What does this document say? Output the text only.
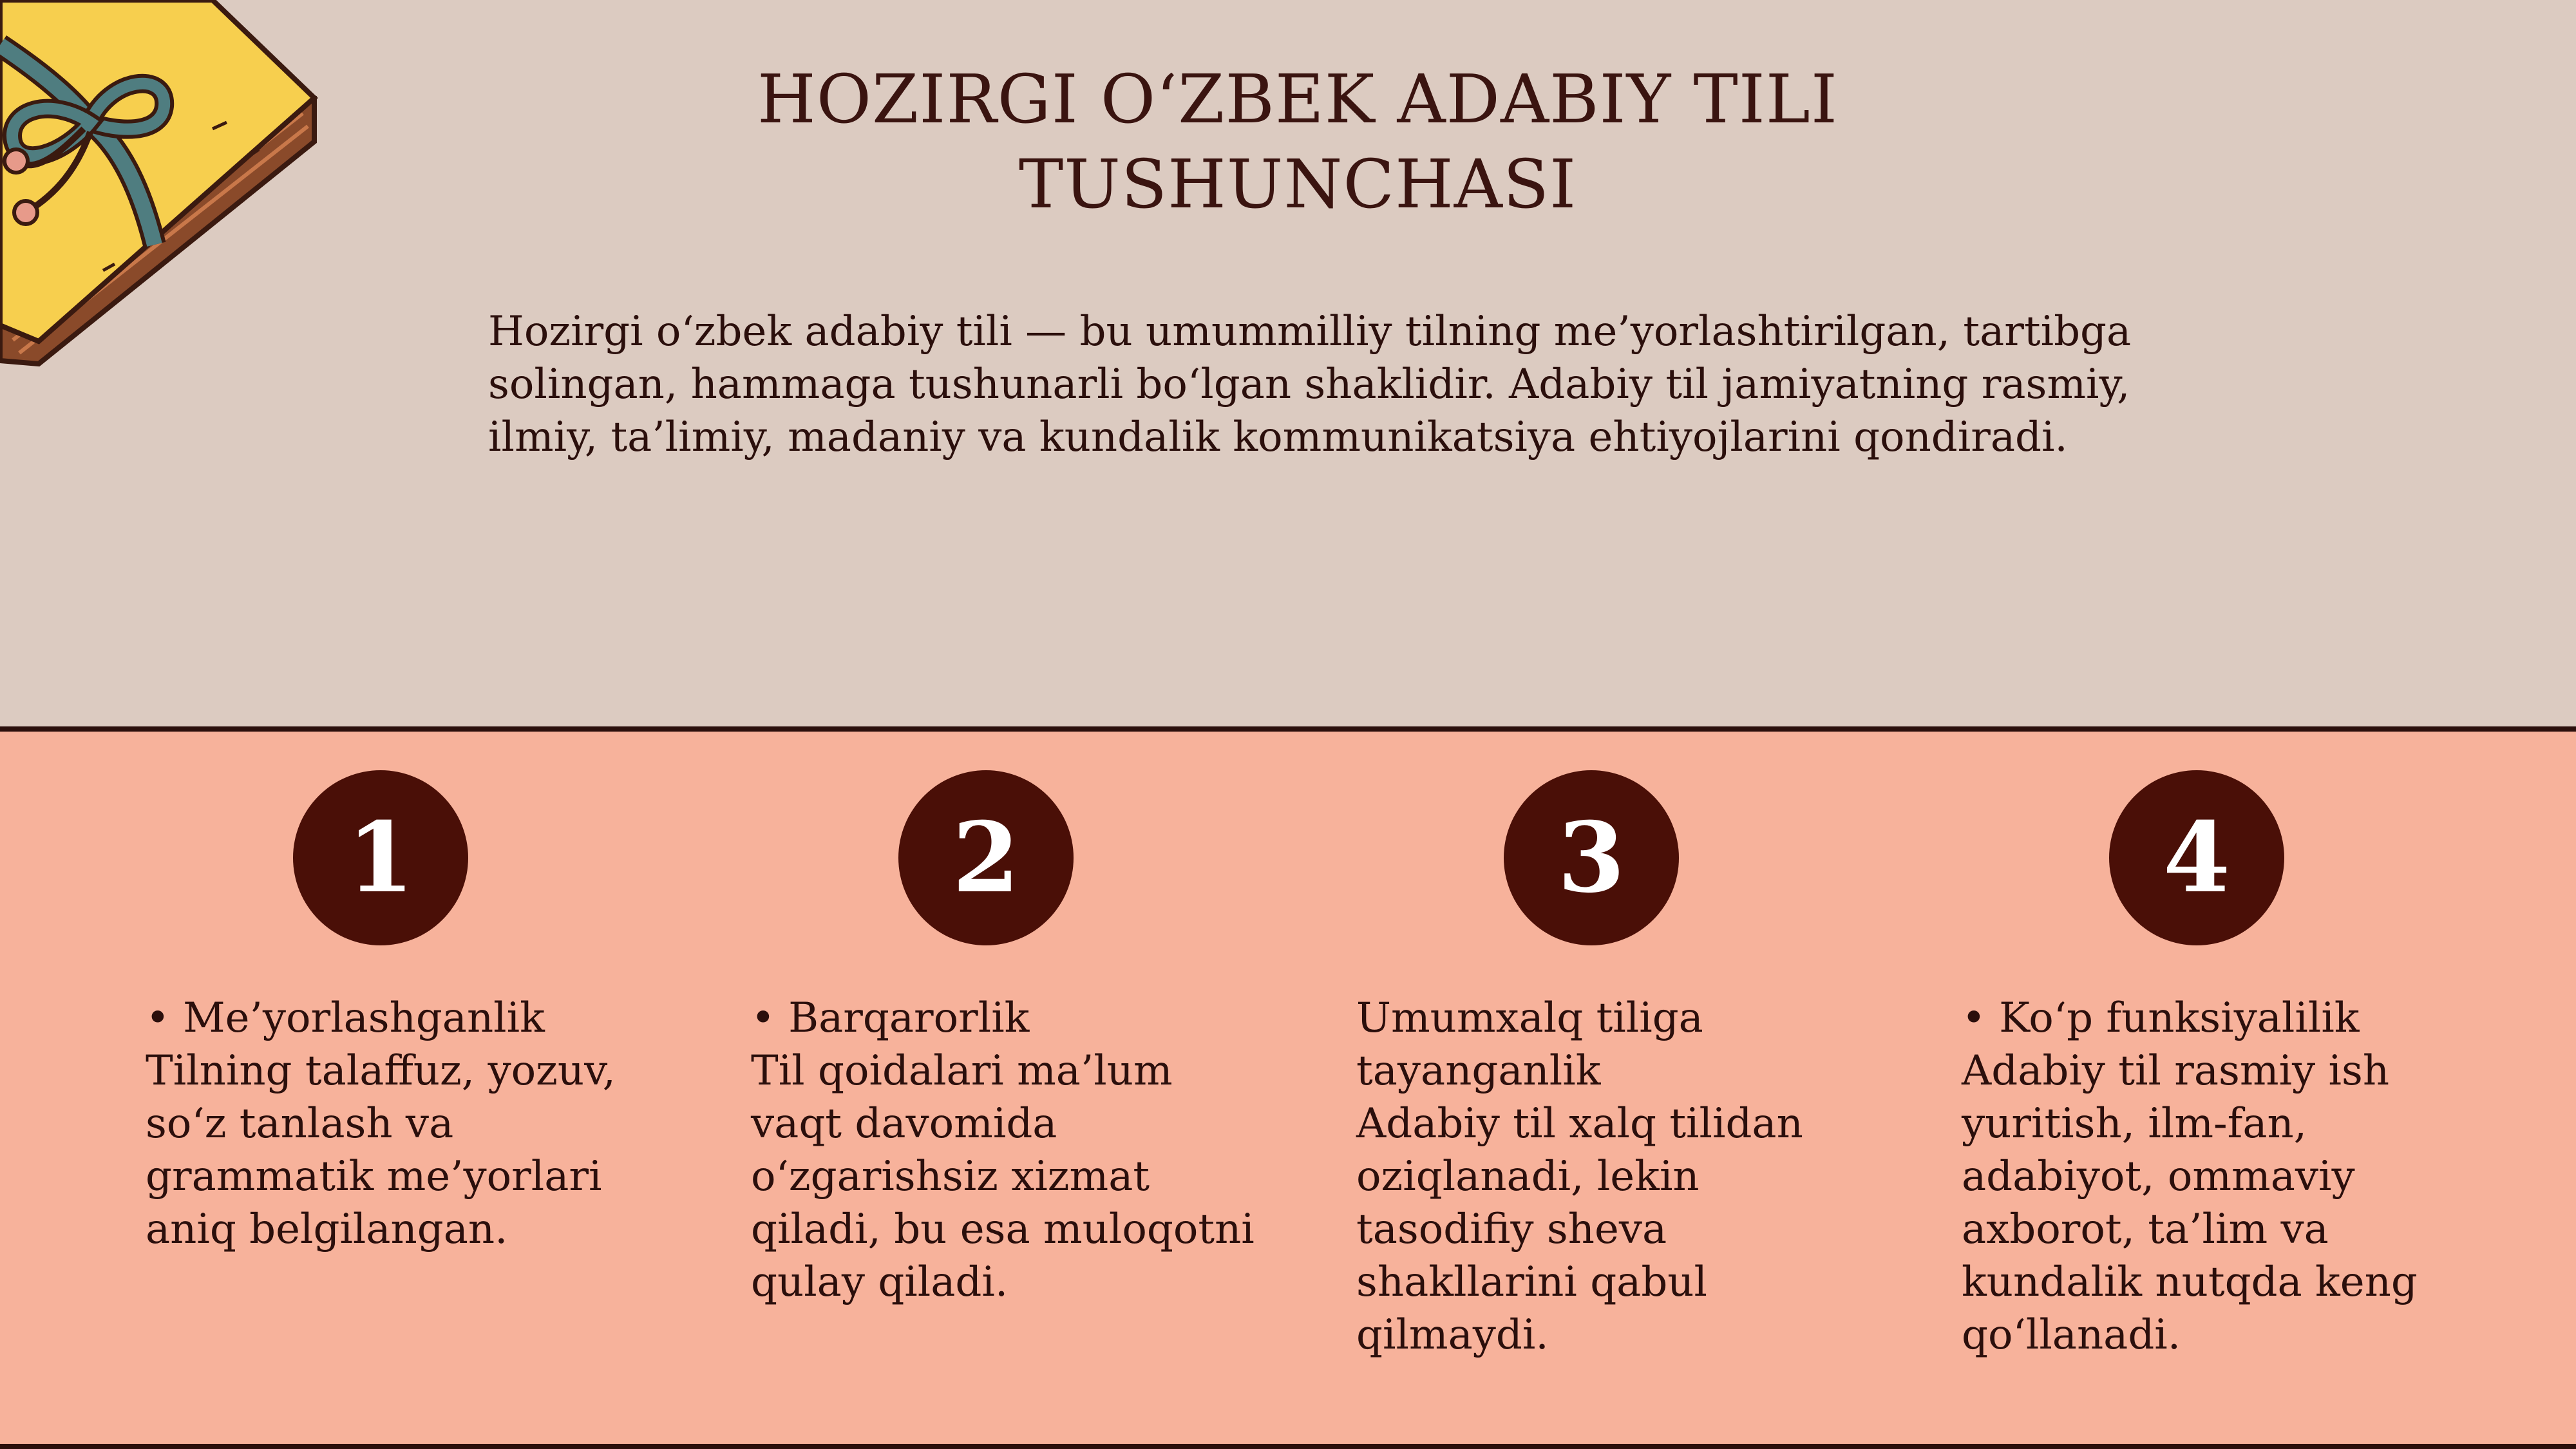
HOZIRGI O‘ZBEK ADABIY TILI
TUSHUNCHASI

Hozirgi o‘zbek adabiy tili — bu umummilliy tilning me’yorlashtirilgan, tartibga
solingan, hammaga tushunarli bo‘lgan shaklidir. Adabiy til jamiyatning rasmiy,
ilmiy, ta’limiy, madaniy va kundalik kommunikatsiya ehtiyojlarini qondiradi.

1	2	3	4
• Me’yorlashganlik
Tilning talaffuz, yozuv,
so‘z tanlash va
grammatik me’yorlari
aniq belgilangan.
• Barqarorlik
Til qoidalari ma’lum
vaqt davomida
o‘zgarishsiz xizmat
qiladi, bu esa muloqotni
qulay qiladi.
Umumxalq tiliga
tayanganlik
Adabiy til xalq tilidan
oziqlanadi, lekin
tasodifiy sheva
shakllarini qabul
qilmaydi.
• Ko‘p funksiyalilik
Adabiy til rasmiy ish
yuritish, ilm-fan,
adabiyot, ommaviy
axborot, ta’lim va
kundalik nutqda keng
qo‘llanadi.
